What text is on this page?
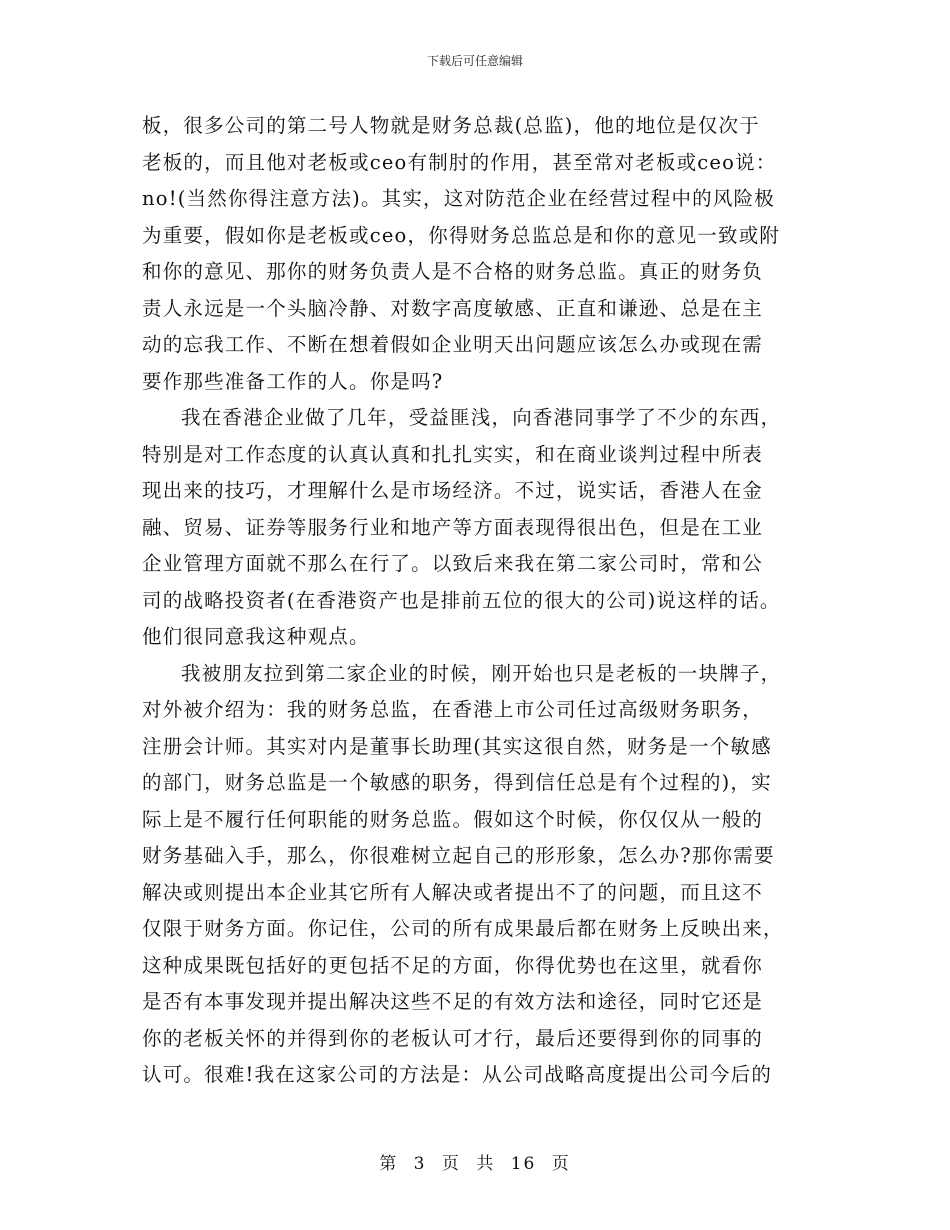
下载后可任意编辑

板，很多公司的第二号人物就是财务总裁(总监)，他的地位是仅次于
老板的，而且他对老板或ceo有制肘的作用，甚至常对老板或ceo说：
no!(当然你得注意方法)。其实，这对防范企业在经营过程中的风险极
为重要，假如你是老板或ceo，你得财务总监总是和你的意见一致或附
和你的意见、那你的财务负责人是不合格的财务总监。真正的财务负
责人永远是一个头脑冷静、对数字高度敏感、正直和谦逊、总是在主
动的忘我工作、不断在想着假如企业明天出问题应该怎么办或现在需
要作那些准备工作的人。你是吗?

我在香港企业做了几年，受益匪浅，向香港同事学了不少的东西，
特别是对工作态度的认真认真和扎扎实实，和在商业谈判过程中所表
现出来的技巧，才理解什么是市场经济。不过，说实话，香港人在金
融、贸易、证券等服务行业和地产等方面表现得很出色，但是在工业
企业管理方面就不那么在行了。以致后来我在第二家公司时，常和公
司的战略投资者(在香港资产也是排前五位的很大的公司)说这样的话。
他们很同意我这种观点。

我被朋友拉到第二家企业的时候，刚开始也只是老板的一块牌子，
对外被介绍为：我的财务总监，在香港上市公司任过高级财务职务，
注册会计师。其实对内是董事长助理(其实这很自然，财务是一个敏感
的部门，财务总监是一个敏感的职务，得到信任总是有个过程的)，实
际上是不履行任何职能的财务总监。假如这个时候，你仅仅从一般的
财务基础入手，那么，你很难树立起自己的形形象，怎么办?那你需要
解决或则提出本企业其它所有人解决或者提出不了的问题，而且这不
仅限于财务方面。你记住，公司的所有成果最后都在财务上反映出来，
这种成果既包括好的更包括不足的方面，你得优势也在这里，就看你
是否有本事发现并提出解决这些不足的有效方法和途径，同时它还是
你的老板关怀的并得到你的老板认可才行，最后还要得到你的同事的
认可。很难!我在这家公司的方法是：从公司战略高度提出公司今后的

第 3 页 共 16 页
